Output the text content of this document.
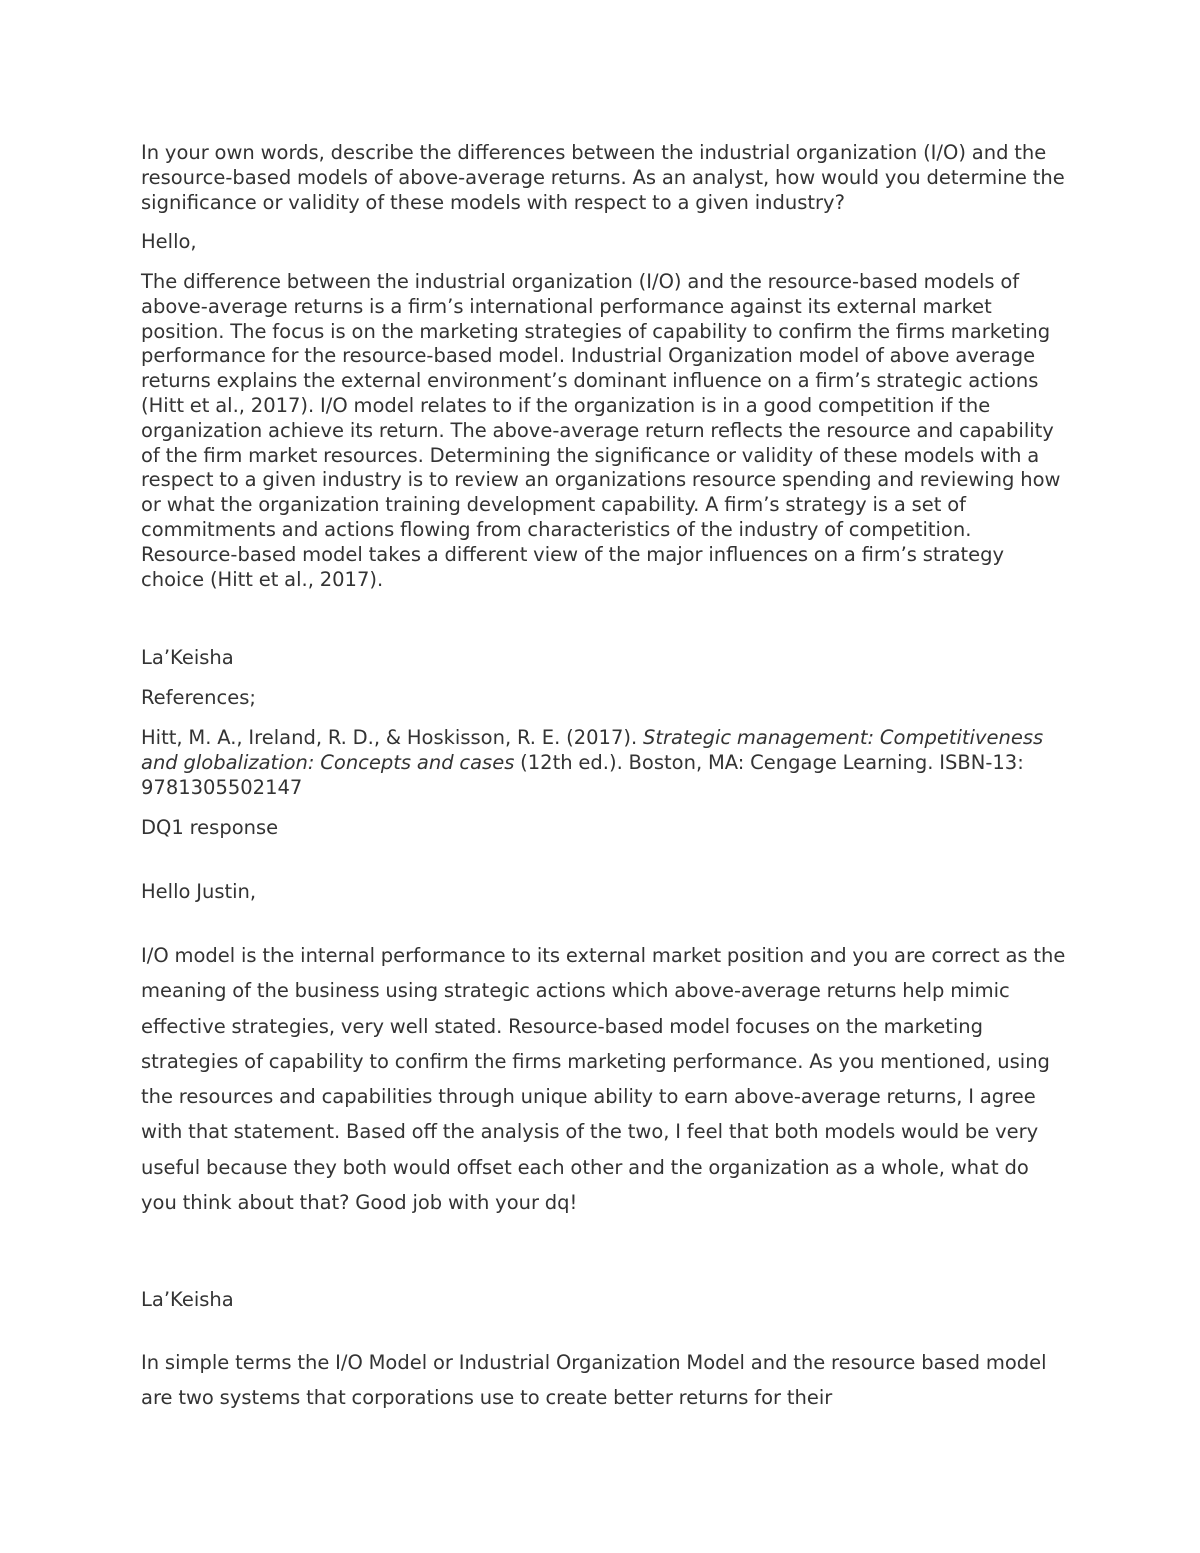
In your own words, describe the differences between the industrial organization (I/O) and the resource-based models of above-average returns. As an analyst, how would you determine the significance or validity of these models with respect to a given industry?

Hello,

The difference between the industrial organization (I/O) and the resource-based models of above-average returns is a firm’s international performance against its external market position. The focus is on the marketing strategies of capability to confirm the firms marketing performance for the resource-based model. Industrial Organization model of above average returns explains the external environment’s dominant influence on a firm’s strategic actions (Hitt et al., 2017). I/O model relates to if the organization is in a good competition if the organization achieve its return. The above-average return reflects the resource and capability of the firm market resources. Determining the significance or validity of these models with a respect to a given industry is to review an organizations resource spending and reviewing how or what the organization training development capability. A firm’s strategy is a set of commitments and actions flowing from characteristics of the industry of competition. Resource-based model takes a different view of the major influences on a firm’s strategy choice (Hitt et al., 2017).

La’Keisha

References;

Hitt, M. A., Ireland, R. D., & Hoskisson, R. E. (2017). Strategic management: Competitiveness and globalization: Concepts and cases (12th ed.). Boston, MA: Cengage Learning. ISBN-13: 9781305502147

DQ1 response

Hello Justin,

I/O model is the internal performance to its external market position and you are correct as the meaning of the business using strategic actions which above-average returns help mimic effective strategies, very well stated. Resource-based model focuses on the marketing strategies of capability to confirm the firms marketing performance. As you mentioned, using the resources and capabilities through unique ability to earn above-average returns, I agree with that statement. Based off the analysis of the two, I feel that both models would be very useful because they both would offset each other and the organization as a whole, what do you think about that? Good job with your dq!

La’Keisha

In simple terms the I/O Model or Industrial Organization Model and the resource based model are two systems that corporations use to create better returns for their
